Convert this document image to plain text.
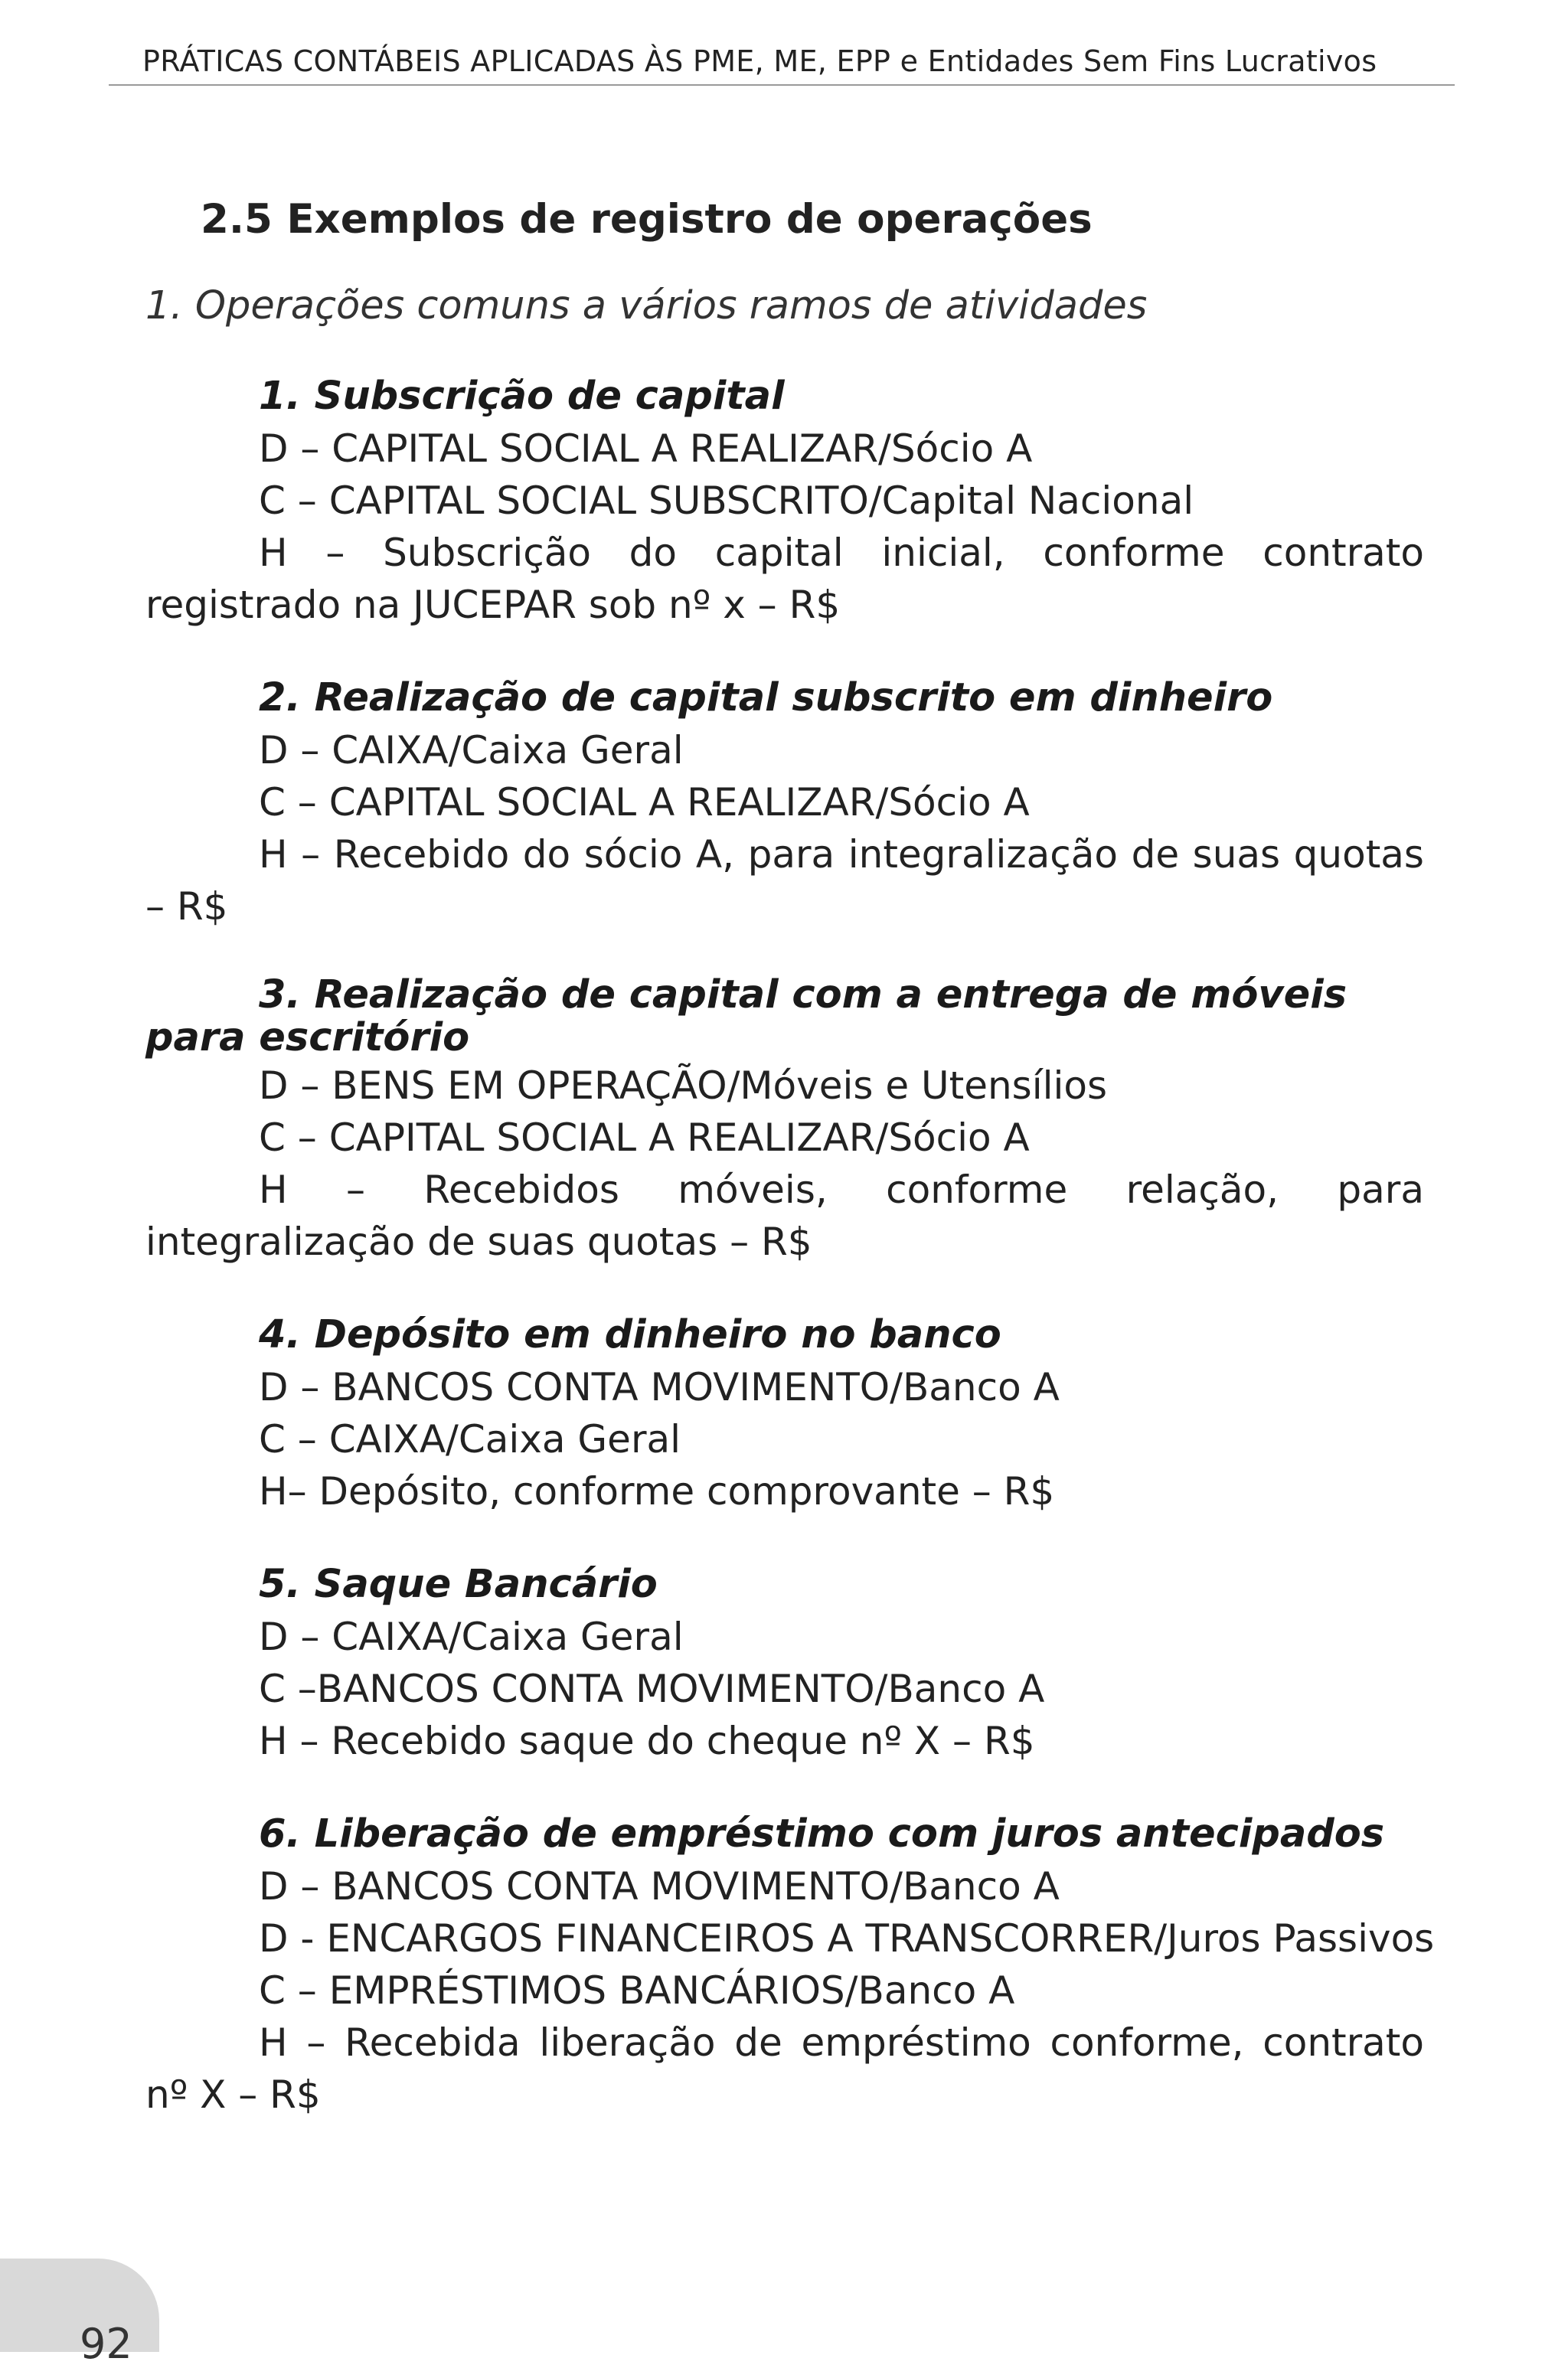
PRÁTICAS CONTÁBEIS APLICADAS ÀS PME, ME, EPP e Entidades Sem Fins Lucrativos
2.5 Exemplos de registro de operações
1. Operações comuns a vários ramos de atividades

1. Subscrição de capital

D – CAPITAL SOCIAL A REALIZAR/Sócio A

C – CAPITAL SOCIAL SUBSCRITO/Capital Nacional

H – Subscrição do capital inicial, conforme contrato registrado na JUCEPAR sob nº x – R$

2. Realização de capital subscrito em dinheiro

D – CAIXA/Caixa Geral

C – CAPITAL SOCIAL A REALIZAR/Sócio A

H – Recebido do sócio A, para integralização de suas quotas – R$

3. Realização de capital com a entrega de móveis para escritório

D – BENS EM OPERAÇÃO/Móveis e Utensílios

C – CAPITAL SOCIAL A REALIZAR/Sócio A

H – Recebidos móveis, conforme relação, para integralização de suas quotas – R$

4. Depósito em dinheiro no banco

D – BANCOS CONTA MOVIMENTO/Banco A

C – CAIXA/Caixa Geral

H– Depósito, conforme comprovante – R$

5. Saque Bancário

D – CAIXA/Caixa Geral

C –BANCOS CONTA MOVIMENTO/Banco A

H – Recebido saque do cheque nº X – R$

6. Liberação de empréstimo com juros antecipados

D – BANCOS CONTA MOVIMENTO/Banco A

D - ENCARGOS FINANCEIROS A TRANSCORRER/Juros Passivos

C – EMPRÉSTIMOS BANCÁRIOS/Banco A

H – Recebida liberação de empréstimo conforme, contrato nº X – R$

92
